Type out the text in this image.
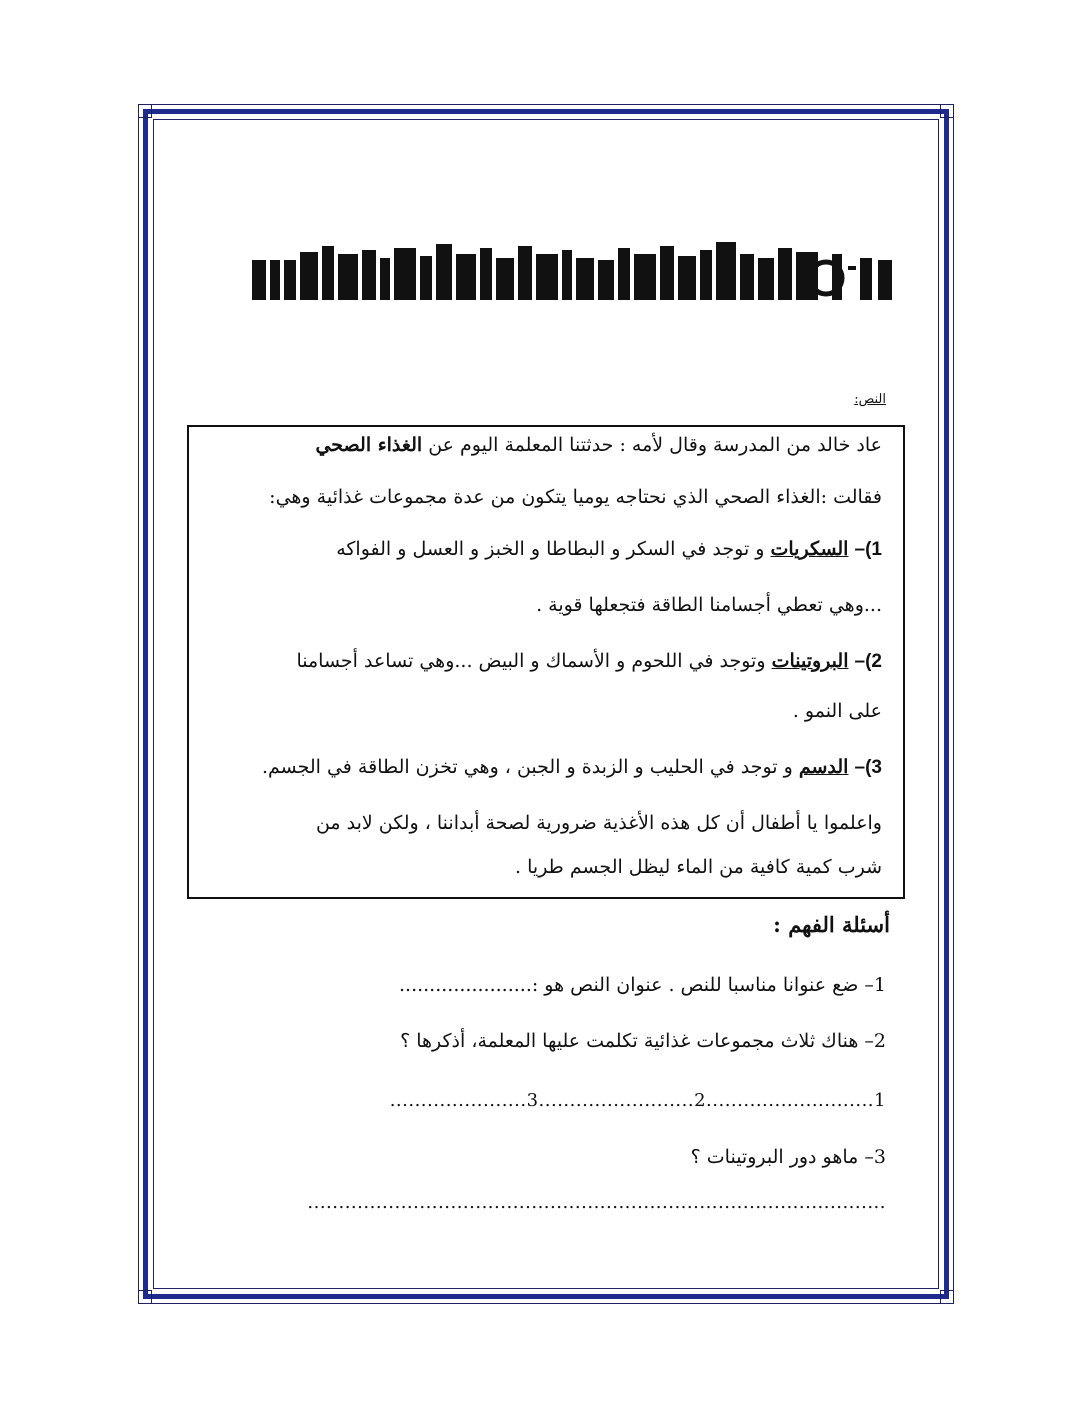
النص:
عاد خالد من المدرسة وقال لأمه : حدثتنا المعلمة اليوم عن الغذاء الصحي
فقالت :الغذاء الصحي الذي نحتاجه يوميا يتكون من عدة مجموعات غذائية وهي:
1)– السكريات و توجد في السكر و البطاطا و الخبز و العسل و الفواكه
...وهي تعطي أجسامنا الطاقة فتجعلها قوية .
2)– البروتينات وتوجد في اللحوم و الأسماك و البيض ...وهي تساعد أجسامنا
على النمو .
3)– الدسم و توجد في الحليب و الزبدة و الجبن ، وهي تخزن الطاقة في الجسم.
واعلموا يا أطفال أن كل هذه الأغذية ضرورية لصحة أبداننا ، ولكن لابد من
شرب كمية كافية من الماء ليظل الجسم طريا .
أسئلة الفهم :
1– ضع عنوانا مناسبا للنص . عنوان النص هو :......................
2– هناك ثلاث مجموعات غذائية تكلمت عليها المعلمة، أذكرها ؟
1...........................2.........................3......................
3– ماهو دور البروتينات ؟
.............................................................................................
